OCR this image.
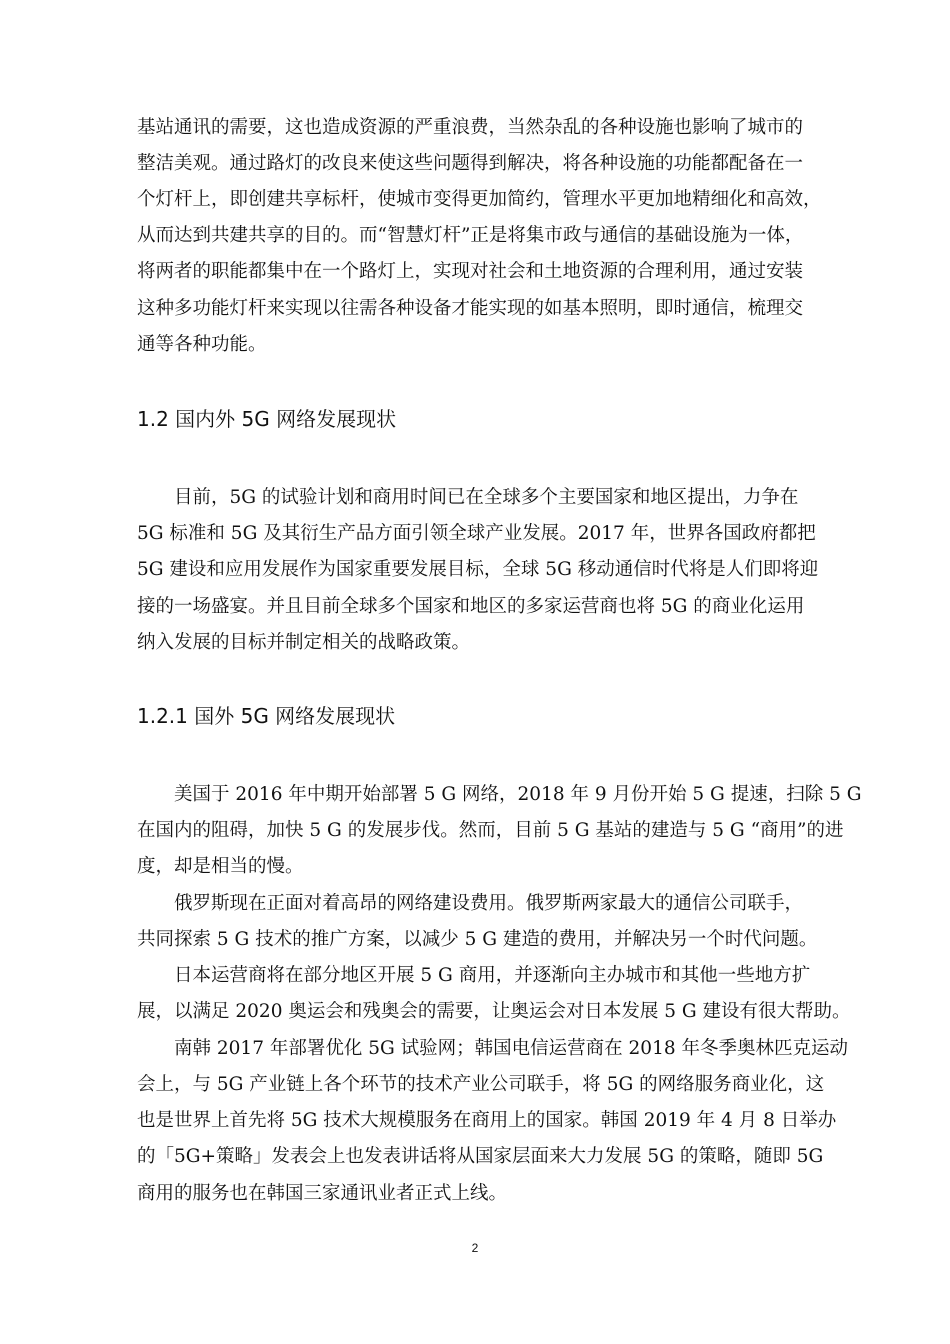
基站通讯的需要，这也造成资源的严重浪费，当然杂乱的各种设施也影响了城市的

整洁美观。通过路灯的改良来使这些问题得到解决，将各种设施的功能都配备在一

个灯杆上，即创建共享标杆，使城市变得更加简约，管理水平更加地精细化和高效，

从而达到共建共享的目的。而“智慧灯杆”正是将集市政与通信的基础设施为一体，

将两者的职能都集中在一个路灯上，实现对社会和土地资源的合理利用，通过安装

这种多功能灯杆来实现以往需各种设备才能实现的如基本照明，即时通信，梳理交

通等各种功能。

1.2 国内外 5G 网络发展现状

目前，5G 的试验计划和商用时间已在全球多个主要国家和地区提出，力争在

5G 标准和 5G 及其衍生产品方面引领全球产业发展。2017 年，世界各国政府都把

5G 建设和应用发展作为国家重要发展目标，全球 5G 移动通信时代将是人们即将迎

接的一场盛宴。并且目前全球多个国家和地区的多家运营商也将 5G 的商业化运用

纳入发展的目标并制定相关的战略政策。

1.2.1 国外 5G 网络发展现状

美国于 2016 年中期开始部署 5 G 网络，2018 年 9 月份开始 5 G 提速，扫除 5 G

在国内的阻碍，加快 5 G 的发展步伐。然而，目前 5 G 基站的建造与 5 G “商用”的进

度，却是相当的慢。

俄罗斯现在正面对着高昂的网络建设费用。俄罗斯两家最大的通信公司联手，

共同探索 5 G 技术的推广方案，以减少 5 G 建造的费用，并解决另一个时代问题。

日本运营商将在部分地区开展 5 G 商用，并逐渐向主办城市和其他一些地方扩

展，以满足 2020 奥运会和残奥会的需要，让奥运会对日本发展 5 G 建设有很大帮助。

南韩 2017 年部署优化 5G 试验网；韩国电信运营商在 2018 年冬季奥林匹克运动

会上，与 5G 产业链上各个环节的技术产业公司联手，将 5G 的网络服务商业化，这

也是世界上首先将 5G 技术大规模服务在商用上的国家。韩国 2019 年 4 月 8 日举办

的「5G+策略」发表会上也发表讲话将从国家层面来大力发展 5G 的策略，随即 5G

商用的服务也在韩国三家通讯业者正式上线。

2
